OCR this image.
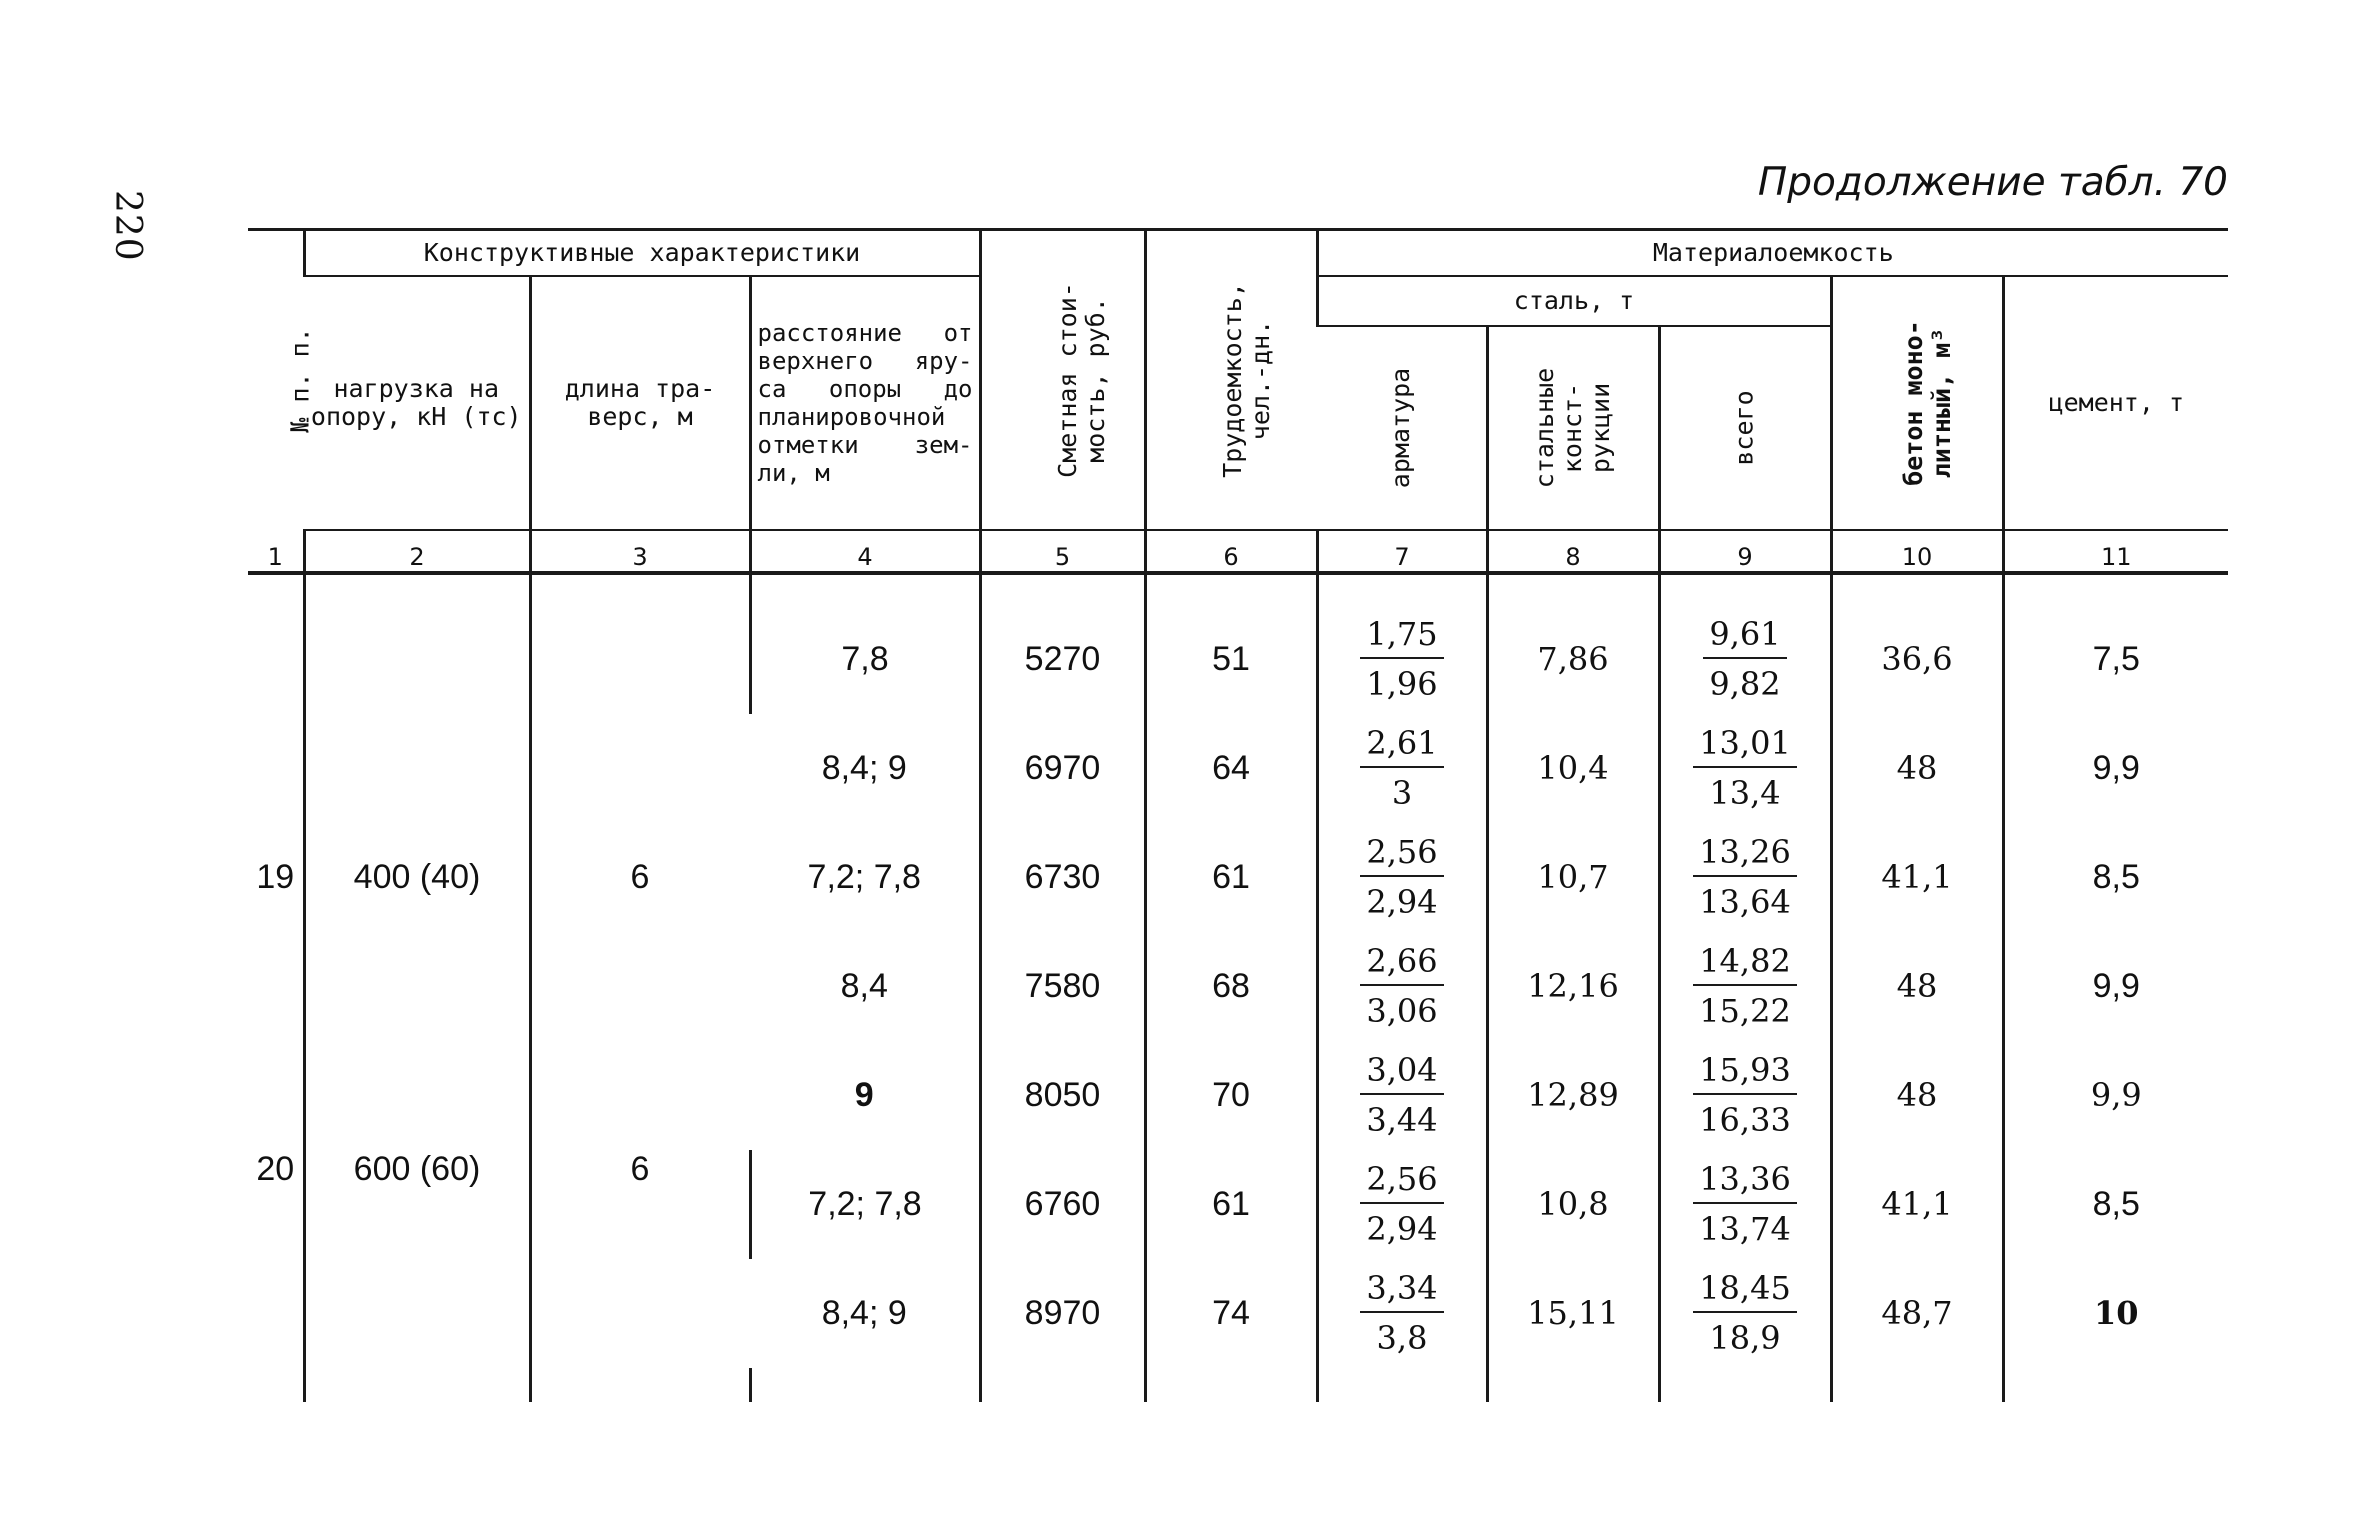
220
Продолжение табл. 70
№ п. п.	Конструктивные характеристики			Сметная стои-мость, руб.	Трудоемкость, чел.-дн.	Материалоемкость				
	нагрузка на опору, кН (тс)	длина тра-верс, м	расстояние от верхнего яру-са опоры до планировочной отметки зем-ли, м			сталь, т			бетон моно-литный, м³	цемент, т
						арматура	стальные конст-рукции	всего		
1	2	3	4	5	6	7	8	9	10	11

19	400 (40)	6	7,8	5270	51	$\frac{1,75}{1,96}$	7,86	$\frac{9,61}{9,82}$	36,6	7,5
			8,4; 9	6970	64	$\frac{2,61}{3}$	10,4	$\frac{13,01}{13,4}$	48	9,9
			7,2; 7,8	6730	61	$\frac{2,56}{2,94}$	10,7	$\frac{13,26}{13,64}$	41,1	8,5
			8,4	7580	68	$\frac{2,66}{3,06}$	12,16	$\frac{14,82}{15,22}$	48	9,9
			9	8050	70	$\frac{3,04}{3,44}$	12,89	$\frac{15,93}{16,33}$	48	9,9
20	600 (60)	6	7,2; 7,8	6760	61	$\frac{2,56}{2,94}$	10,8	$\frac{13,36}{13,74}$	41,1	8,5
			8,4; 9	8970	74	$\frac{3,34}{3,8}$	15,11	$\frac{18,45}{18,9}$	48,7	10
